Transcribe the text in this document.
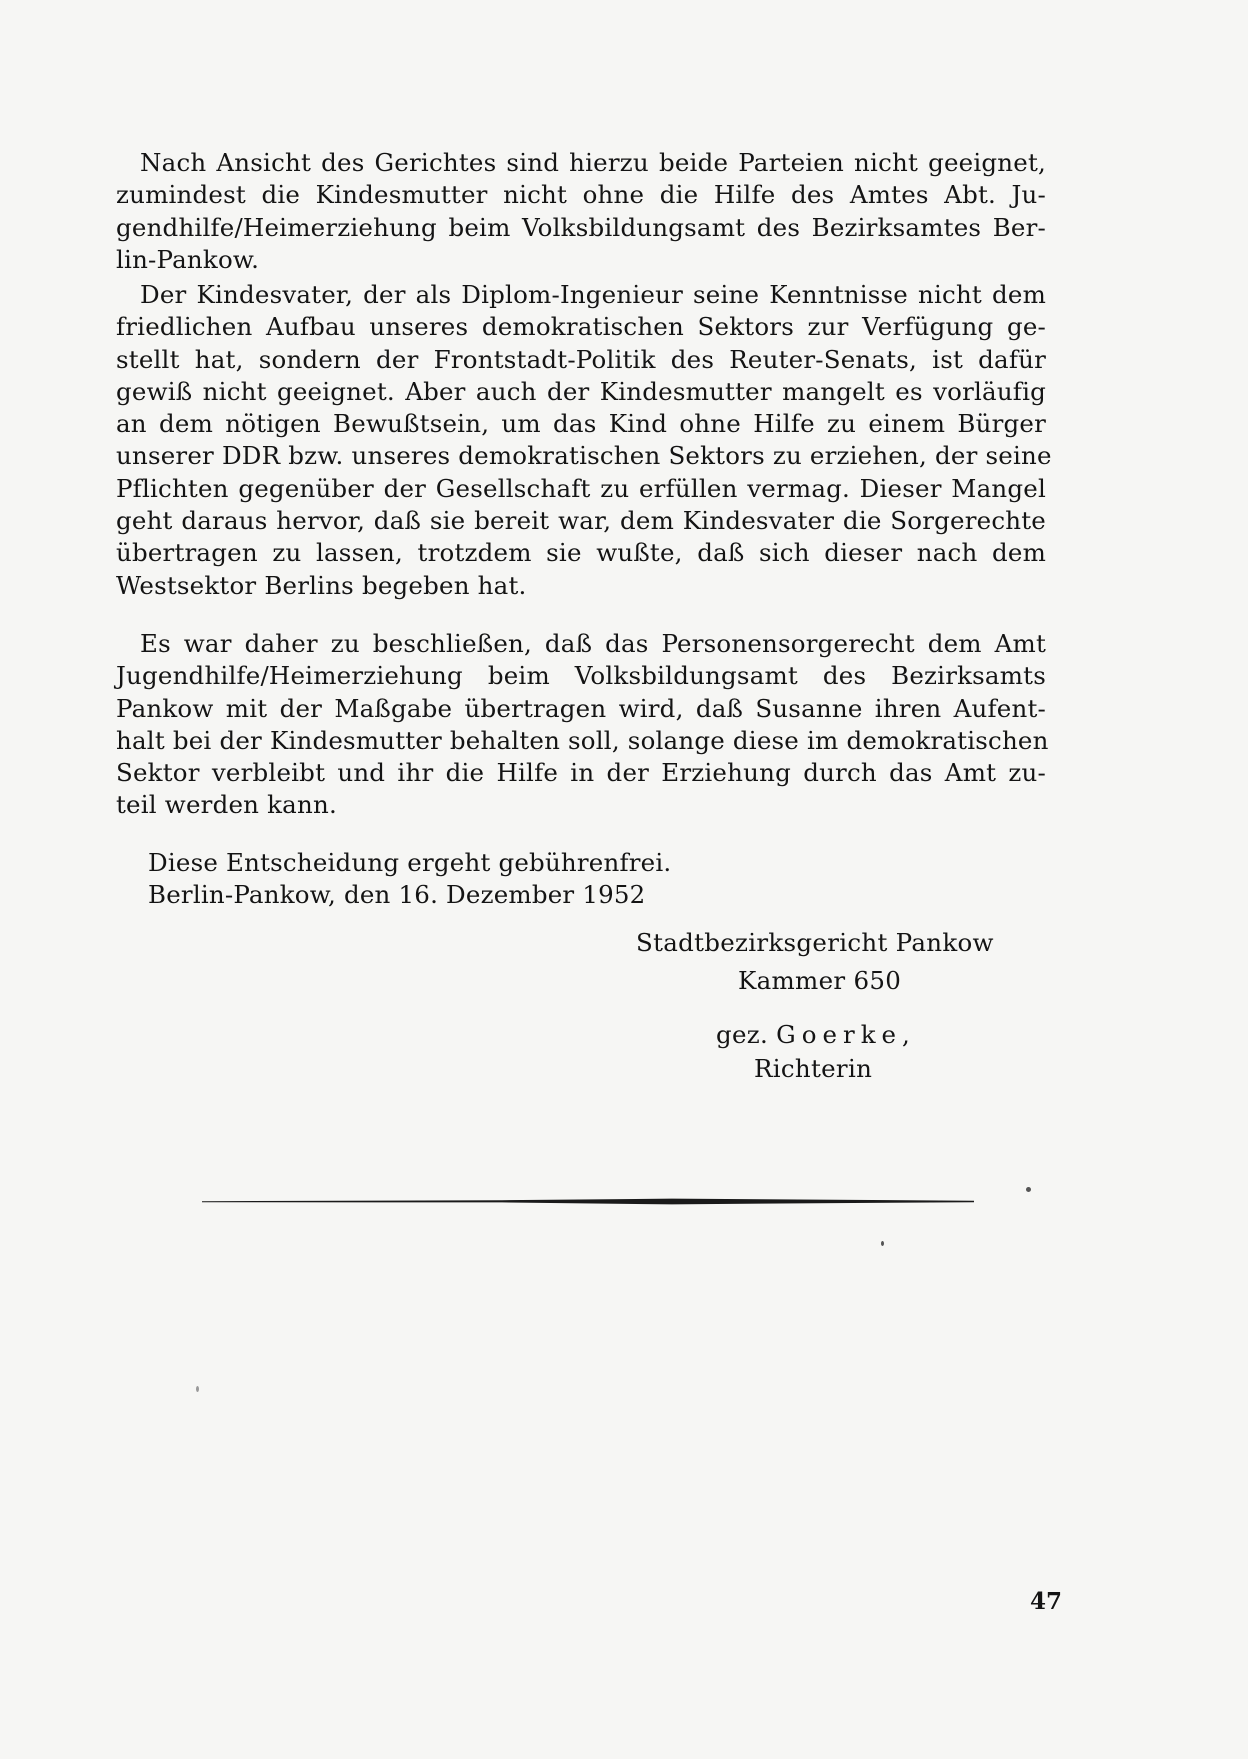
Nach Ansicht des Gerichtes sind hierzu beide Parteien nicht geeignet,
zumindest die Kindesmutter nicht ohne die Hilfe des Amtes Abt. Ju-
gendhilfe/Heimerziehung beim Volksbildungsamt des Bezirksamtes Ber-
lin-Pankow.
Der Kindesvater, der als Diplom-Ingenieur seine Kenntnisse nicht dem
friedlichen Aufbau unseres demokratischen Sektors zur Verfügung ge-
stellt hat, sondern der Frontstadt-Politik des Reuter-Senats, ist dafür
gewiß nicht geeignet. Aber auch der Kindesmutter mangelt es vorläufig
an dem nötigen Bewußtsein, um das Kind ohne Hilfe zu einem Bürger
unserer DDR bzw. unseres demokratischen Sektors zu erziehen, der seine
Pflichten gegenüber der Gesellschaft zu erfüllen vermag. Dieser Mangel
geht daraus hervor, daß sie bereit war, dem Kindesvater die Sorgerechte
übertragen zu lassen, trotzdem sie wußte, daß sich dieser nach dem
Westsektor Berlins begeben hat.
Es war daher zu beschließen, daß das Personensorgerecht dem Amt
Jugendhilfe/Heimerziehung beim Volksbildungsamt des Bezirksamts
Pankow mit der Maßgabe übertragen wird, daß Susanne ihren Aufent-
halt bei der Kindesmutter behalten soll, solange diese im demokratischen
Sektor verbleibt und ihr die Hilfe in der Erziehung durch das Amt zu-
teil werden kann.
Diese Entscheidung ergeht gebührenfrei.
Berlin-Pankow, den 16. Dezember 1952
Stadtbezirksgericht Pankow
Kammer 650
gez. Goerke,
Richterin
47
